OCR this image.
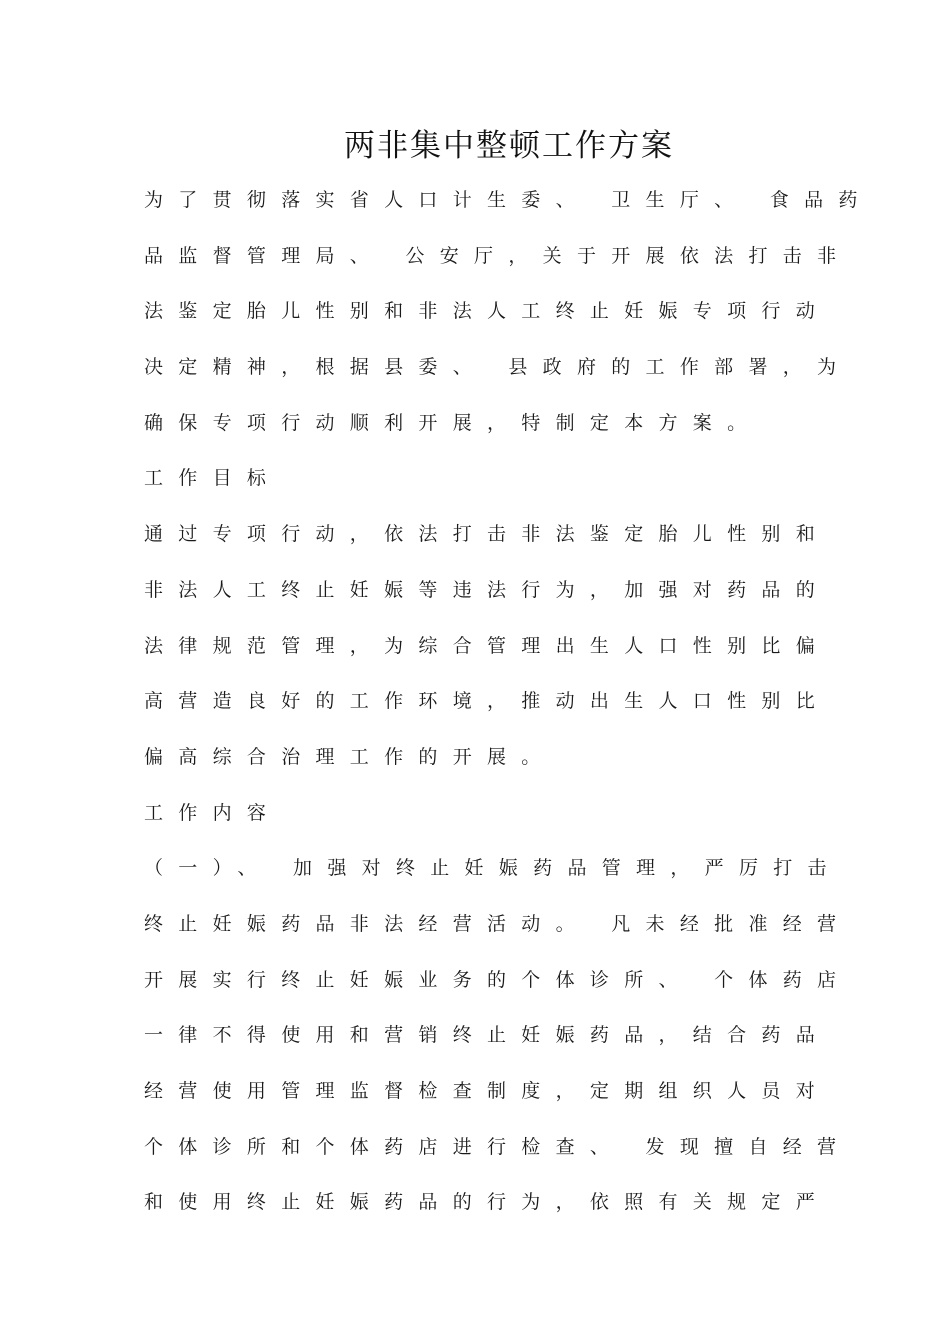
两非集中整顿工作方案
为了贯彻落实省人口计生委、 卫生厅、 食品药
品监督管理局、 公安厅，关于开展依法打击非
法鉴定胎儿性别和非法人工终止妊娠专项行动
决定精神，根据县委、 县政府的工作部署，为
确保专项行动顺利开展，特制定本方案。
工作目标
通过专项行动，依法打击非法鉴定胎儿性别和
非法人工终止妊娠等违法行为，加强对药品的
法律规范管理，为综合管理出生人口性别比偏
高营造良好的工作环境，推动出生人口性别比
偏高综合治理工作的开展。
工作内容
（一）、 加强对终止妊娠药品管理，严厉打击
终止妊娠药品非法经营活动。 凡未经批准经营
开展实行终止妊娠业务的个体诊所、 个体药店
一律不得使用和营销终止妊娠药品，结合药品
经营使用管理监督检查制度，定期组织人员对
个体诊所和个体药店进行检查、 发现擅自经营
和使用终止妊娠药品的行为，依照有关规定严
